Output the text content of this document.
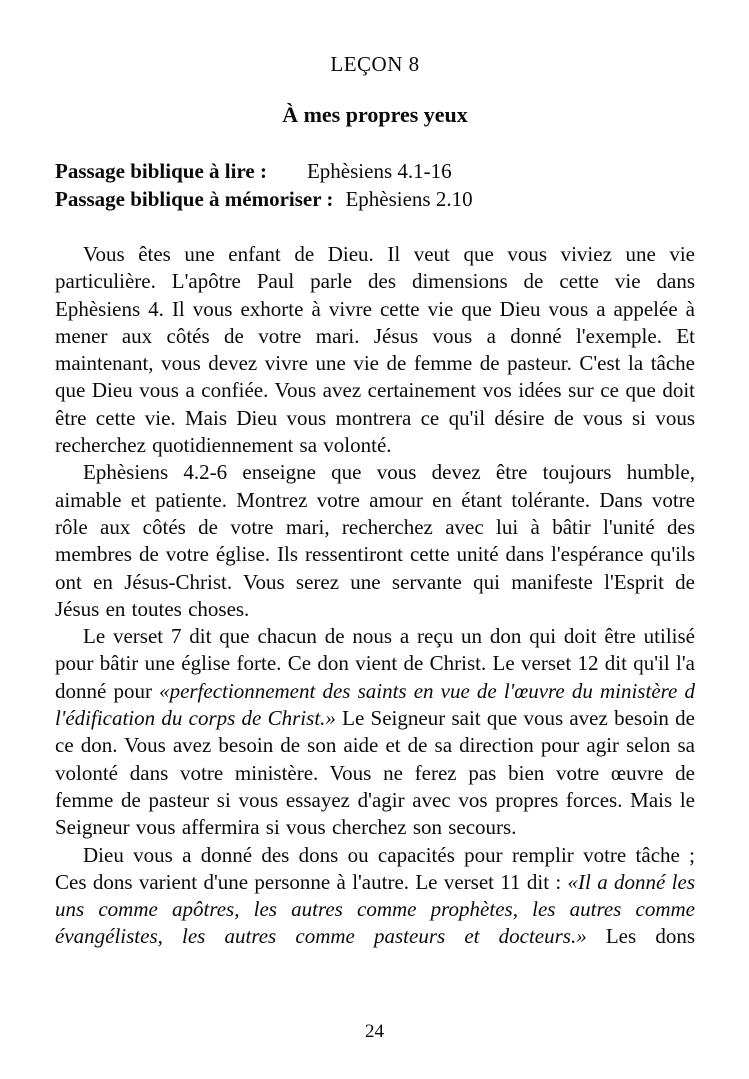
LEÇON 8
À mes propres yeux
Passage biblique à lire : Ephèsiens 4.1-16
Passage biblique à mémoriser : Ephèsiens 2.10

Vous êtes une enfant de Dieu. Il veut que vous viviez une vie particulière. L'apôtre Paul parle des dimensions de cette vie dans Ephèsiens 4. Il vous exhorte à vivre cette vie que Dieu vous a appelée à mener aux côtés de votre mari. Jésus vous a donné l'exemple. Et maintenant, vous devez vivre une vie de femme de pasteur. C'est la tâche que Dieu vous a confiée. Vous avez certainement vos idées sur ce que doit être cette vie. Mais Dieu vous montrera ce qu'il désire de vous si vous recherchez quotidiennement sa volonté.

Ephèsiens 4.2-6 enseigne que vous devez être toujours humble, aimable et patiente. Montrez votre amour en étant tolérante. Dans votre rôle aux côtés de votre mari, recherchez avec lui à bâtir l'unité des membres de votre église. Ils ressentiront cette unité dans l'espérance qu'ils ont en Jésus-Christ. Vous serez une servante qui manifeste l'Esprit de Jésus en toutes choses.

Le verset 7 dit que chacun de nous a reçu un don qui doit être utilisé pour bâtir une église forte. Ce don vient de Christ. Le verset 12 dit qu'il l'a donné pour «perfectionnement des saints en vue de l'œuvre du ministère d l'édification du corps de Christ.» Le Seigneur sait que vous avez besoin de ce don. Vous avez besoin de son aide et de sa direction pour agir selon sa volonté dans votre ministère. Vous ne ferez pas bien votre œuvre de femme de pasteur si vous essayez d'agir avec vos propres forces. Mais le Seigneur vous affermira si vous cherchez son secours.

Dieu vous a donné des dons ou capacités pour remplir votre tâche ; Ces dons varient d'une personne à l'autre. Le verset 11 dit : «Il a donné les uns comme apôtres, les autres comme prophètes, les autres comme évangélistes, les autres comme pasteurs et docteurs.» Les dons

24
